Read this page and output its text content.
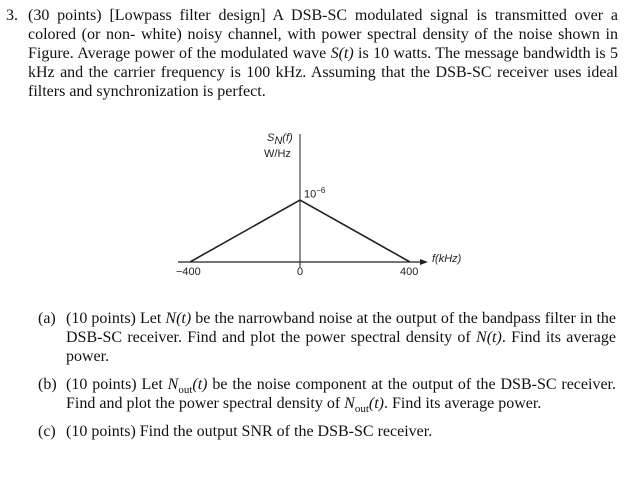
3. (30 points) [Lowpass filter design] A DSB-SC modulated signal is transmitted over a colored (or non- white) noisy channel, with power spectral density of the noise shown in Figure. Average power of the modulated wave S(t) is 10 watts. The message bandwidth is 5 kHz and the carrier frequency is 100 kHz. Assuming that the DSB-SC receiver uses ideal filters and synchronization is perfect.
$S_N(f)$
W/Hz
$10^{-6}$
f(kHz)
−400	0	400
(a) (10 points) Let N(t) be the narrowband noise at the output of the bandpass filter in the DSB-SC receiver. Find and plot the power spectral density of N(t). Find its average power.
(b) (10 points) Let $N_{out}(t)$ be the noise component at the output of the DSB-SC receiver. Find and plot the power spectral density of $N_{out}(t)$. Find its average power.
(c) (10 points) Find the output SNR of the DSB-SC receiver.
